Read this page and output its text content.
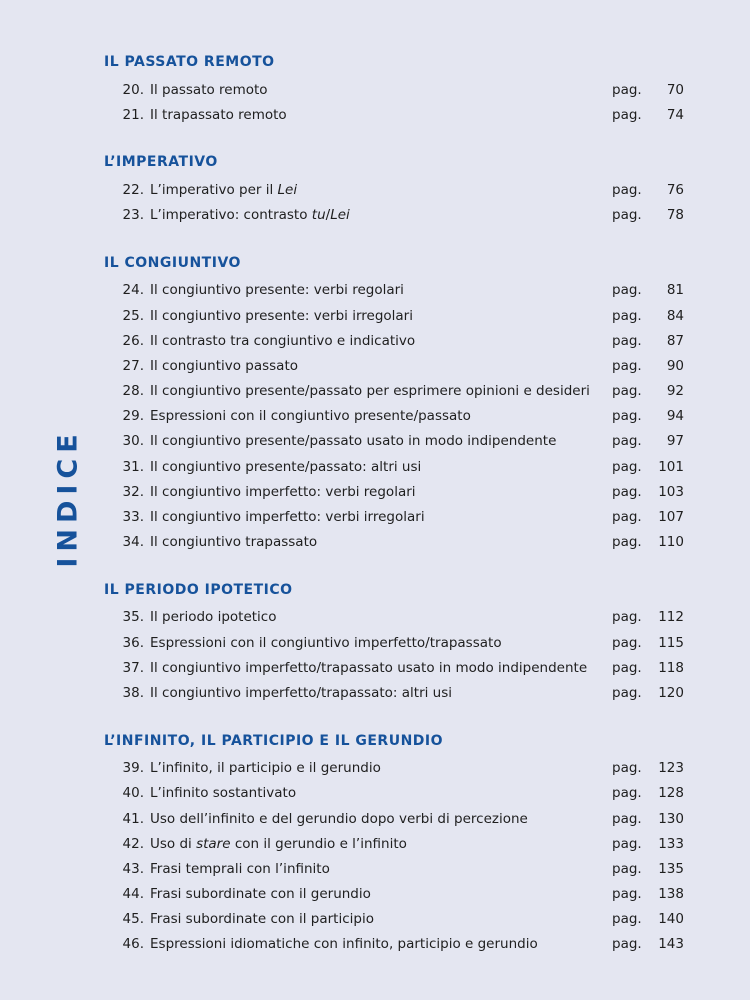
INDICE
IL PASSATO REMOTO
20. Il passato remoto	pag.	70
21. Il trapassato remoto	pag.	74
L’IMPERATIVO
22. L’imperativo per il Lei	pag.	76
23. L’imperativo: contrasto tu/Lei	pag.	78
IL CONGIUNTIVO
24. Il congiuntivo presente: verbi regolari	pag.	81
25. Il congiuntivo presente: verbi irregolari	pag.	84
26. Il contrasto tra congiuntivo e indicativo	pag.	87
27. Il congiuntivo passato	pag.	90
28. Il congiuntivo presente/passato per esprimere opinioni e desideri	pag.	92
29. Espressioni con il congiuntivo presente/passato	pag.	94
30. Il congiuntivo presente/passato usato in modo indipendente	pag.	97
31. Il congiuntivo presente/passato: altri usi	pag.	101
32. Il congiuntivo imperfetto: verbi regolari	pag.	103
33. Il congiuntivo imperfetto: verbi irregolari	pag.	107
34. Il congiuntivo trapassato	pag.	110
IL PERIODO IPOTETICO
35. Il periodo ipotetico	pag.	112
36. Espressioni con il congiuntivo imperfetto/trapassato	pag.	115
37. Il congiuntivo imperfetto/trapassato usato in modo indipendente	pag.	118
38. Il congiuntivo imperfetto/trapassato: altri usi	pag.	120
L’INFINITO, IL PARTICIPIO E IL GERUNDIO
39. L’infinito, il participio e il gerundio	pag.	123
40. L’infinito sostantivato	pag.	128
41. Uso dell’infinito e del gerundio dopo verbi di percezione	pag.	130
42. Uso di stare con il gerundio e l’infinito	pag.	133
43. Frasi temprali con l’infinito	pag.	135
44. Frasi subordinate con il gerundio	pag.	138
45. Frasi subordinate con il participio	pag.	140
46. Espressioni idiomatiche con infinito, participio e gerundio	pag.	143
